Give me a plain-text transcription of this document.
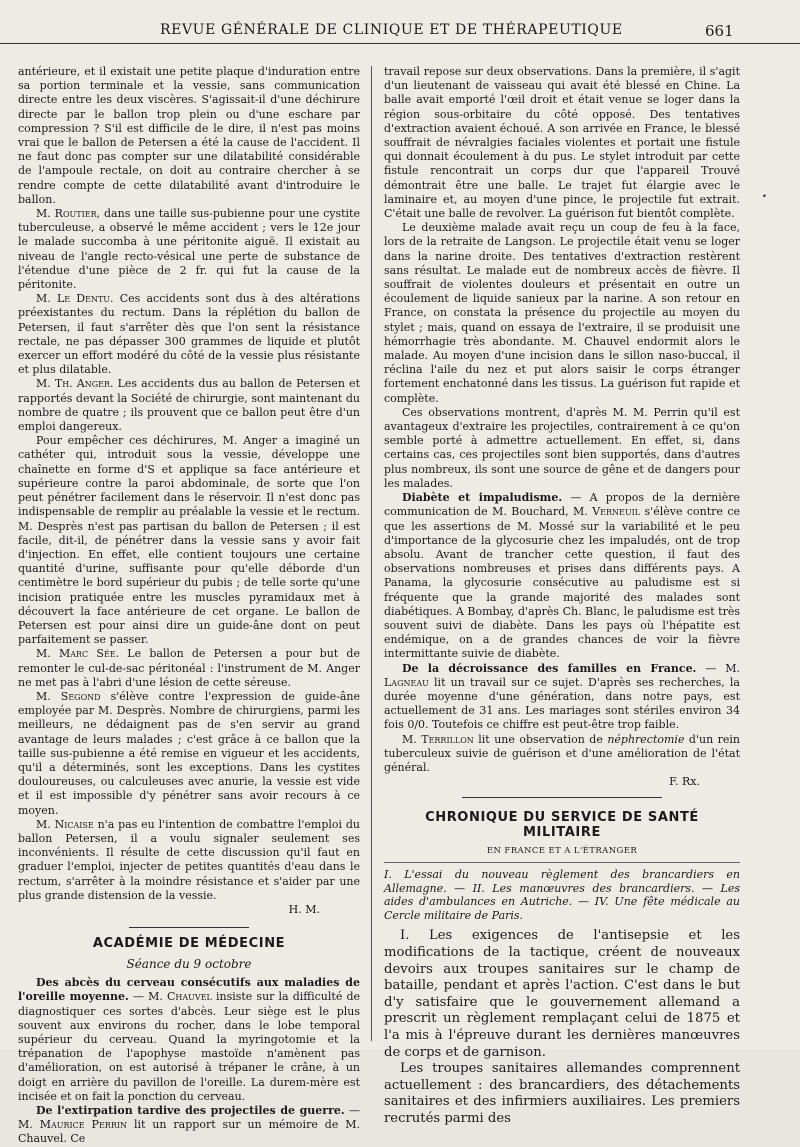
REVUE GÉNÉRALE DE CLINIQUE ET DE THÉRAPEUTIQUE	661
•

antérieure, et il existait une petite plaque d'induration entre sa portion terminale et la vessie, sans communication directe entre les deux viscères. S'agissait-il d'une déchirure directe par le ballon trop plein ou d'une eschare par compression ? S'il est difficile de le dire, il n'est pas moins vrai que le ballon de Petersen a été la cause de l'accident. Il ne faut donc pas compter sur une dilatabilité considérable de l'ampoule rectale, on doit au contraire chercher à se rendre compte de cette dilatabilité avant d'introduire le ballon.

M. Routier, dans une taille sus-pubienne pour une cystite tuberculeuse, a observé le même accident ; vers le 12e jour le malade succomba à une péritonite aiguë. Il existait au niveau de l'angle recto-vésical une perte de substance de l'étendue d'une pièce de 2 fr. qui fut la cause de la péritonite.

M. Le Dentu. Ces accidents sont dus à des altérations préexistantes du rectum. Dans la réplétion du ballon de Petersen, il faut s'arrêter dès que l'on sent la résistance rectale, ne pas dépasser 300 grammes de liquide et plutôt exercer un effort modéré du côté de la vessie plus résistante et plus dilatable.

M. Th. Anger. Les accidents dus au ballon de Petersen et rapportés devant la Société de chirurgie, sont maintenant du nombre de quatre ; ils prouvent que ce ballon peut être d'un emploi dangereux.

Pour empêcher ces déchirures, M. Anger a imaginé un cathéter qui, introduit sous la vessie, développe une chaînette en forme d'S et applique sa face antérieure et supérieure contre la paroi abdominale, de sorte que l'on peut pénétrer facilement dans le réservoir. Il n'est donc pas indispensable de remplir au préalable la vessie et le rectum. M. Desprès n'est pas partisan du ballon de Petersen ; il est facile, dit-il, de pénétrer dans la vessie sans y avoir fait d'injection. En effet, elle contient toujours une certaine quantité d'urine, suffisante pour qu'elle déborde d'un centimètre le bord supérieur du pubis ; de telle sorte qu'une incision pratiquée entre les muscles pyramidaux met à découvert la face antérieure de cet organe. Le ballon de Petersen est pour ainsi dire un guide-âne dont on peut parfaitement se passer.

M. Marc Sée. Le ballon de Petersen a pour but de remonter le cul-de-sac péritonéal : l'instrument de M. Anger ne met pas à l'abri d'une lésion de cette séreuse.

M. Segond s'élève contre l'expression de guide-âne employée par M. Desprès. Nombre de chirurgiens, parmi les meilleurs, ne dédaignent pas de s'en servir au grand avantage de leurs malades ; c'est grâce à ce ballon que la taille sus-pubienne a été remise en vigueur et les accidents, qu'il a déterminés, sont les exceptions. Dans les cystites douloureuses, ou calculeuses avec anurie, la vessie est vide et il est impossible d'y pénétrer sans avoir recours à ce moyen.

M. Nicaise n'a pas eu l'intention de combattre l'emploi du ballon Petersen, il a voulu signaler seulement ses inconvénients. Il résulte de cette discussion qu'il faut en graduer l'emploi, injecter de petites quantités d'eau dans le rectum, s'arrêter à la moindre résistance et s'aider par une plus grande distension de la vessie.

H. M.
ACADÉMIE DE MÉDECINE
Séance du 9 octobre

Des abcès du cerveau consécutifs aux maladies de l'oreille moyenne. — M. Chauvel insiste sur la difficulté de diagnostiquer ces sortes d'abcès. Leur siège est le plus souvent aux environs du rocher, dans le lobe temporal supérieur du cerveau. Quand la myringotomie et la trépanation de l'apophyse mastoïde n'amènent pas d'amélioration, on est autorisé à trépaner le crâne, à un doigt en arrière du pavillon de l'oreille. La durem-mère est incisée et on fait la ponction du cerveau.

De l'extirpation tardive des projectiles de guerre. — M. Maurice Perrin lit un rapport sur un mémoire de M. Chauvel. Ce

travail repose sur deux observations. Dans la première, il s'agit d'un lieutenant de vaisseau qui avait été blessé en Chine. La balle avait emporté l'œil droit et était venue se loger dans la région sous-orbitaire du côté opposé. Des tentatives d'extraction avaient échoué. A son arrivée en France, le blessé souffrait de névralgies faciales violentes et portait une fistule qui donnait écoulement à du pus. Le stylet introduit par cette fistule rencontrait un corps dur que l'appareil Trouvé démontrait être une balle. Le trajet fut élargie avec le laminaire et, au moyen d'une pince, le projectile fut extrait. C'était une balle de revolver. La guérison fut bientôt complète.

Le deuxième malade avait reçu un coup de feu à la face, lors de la retraite de Langson. Le projectile était venu se loger dans la narine droite. Des tentatives d'extraction restèrent sans résultat. Le malade eut de nombreux accès de fièvre. Il souffrait de violentes douleurs et présentait en outre un écoulement de liquide sanieux par la narine. A son retour en France, on constata la présence du projectile au moyen du stylet ; mais, quand on essaya de l'extraire, il se produisit une hémorrhagie très abondante. M. Chauvel endormit alors le malade. Au moyen d'une incision dans le sillon naso-buccal, il réclina l'aile du nez et put alors saisir le corps étranger fortement enchatonné dans les tissus. La guérison fut rapide et complète.

Ces observations montrent, d'après M. M. Perrin qu'il est avantageux d'extraire les projectiles, contrairement à ce qu'on semble porté à admettre actuellement. En effet, si, dans certains cas, ces projectiles sont bien supportés, dans d'autres plus nombreux, ils sont une source de gêne et de dangers pour les malades.

Diabète et impaludisme. — A propos de la dernière communication de M. Bouchard, M. Verneuil s'élève contre ce que les assertions de M. Mossé sur la variabilité et le peu d'importance de la glycosurie chez les impaludés, ont de trop absolu. Avant de trancher cette question, il faut des observations nombreuses et prises dans différents pays. A Panama, la glycosurie consécutive au paludisme est si fréquente que la grande majorité des malades sont diabétiques. A Bombay, d'après Ch. Blanc, le paludisme est très souvent suivi de diabète. Dans les pays où l'hépatite est endémique, on a de grandes chances de voir la fièvre intermittante suivie de diabète.

De la décroissance des familles en France. — M. Lagneau lit un travail sur ce sujet. D'après ses recherches, la durée moyenne d'une génération, dans notre pays, est actuellement de 31 ans. Les mariages sont stériles environ 34 fois 0/0. Toutefois ce chiffre est peut-être trop faible.

M. Terrillon lit une observation de néphrectomie d'un rein tuberculeux suivie de guérison et d'une amélioration de l'état général.

F. Rx.
CHRONIQUE DU SERVICE DE SANTÉ MILITAIRE
EN FRANCE ET A L'ÉTRANGER
I. L'essai du nouveau règlement des brancardiers en Allemagne. — II. Les manœuvres des brancardiers. — Les aides d'ambulances en Autriche. — IV. Une fête médicale au Cercle militaire de Paris.

I. Les exigences de l'antisepsie et les modifications de la tactique, créent de nouveaux devoirs aux troupes sanitaires sur le champ de bataille, pendant et après l'action. C'est dans le but d'y satisfaire que le gouvernement allemand a prescrit un règlement remplaçant celui de 1875 et l'a mis à l'épreuve durant les dernières manœuvres de corps et de garnison.

Les troupes sanitaires allemandes comprennent actuellement : des brancardiers, des détachements sanitaires et des infirmiers auxiliaires. Les premiers recrutés parmi des
